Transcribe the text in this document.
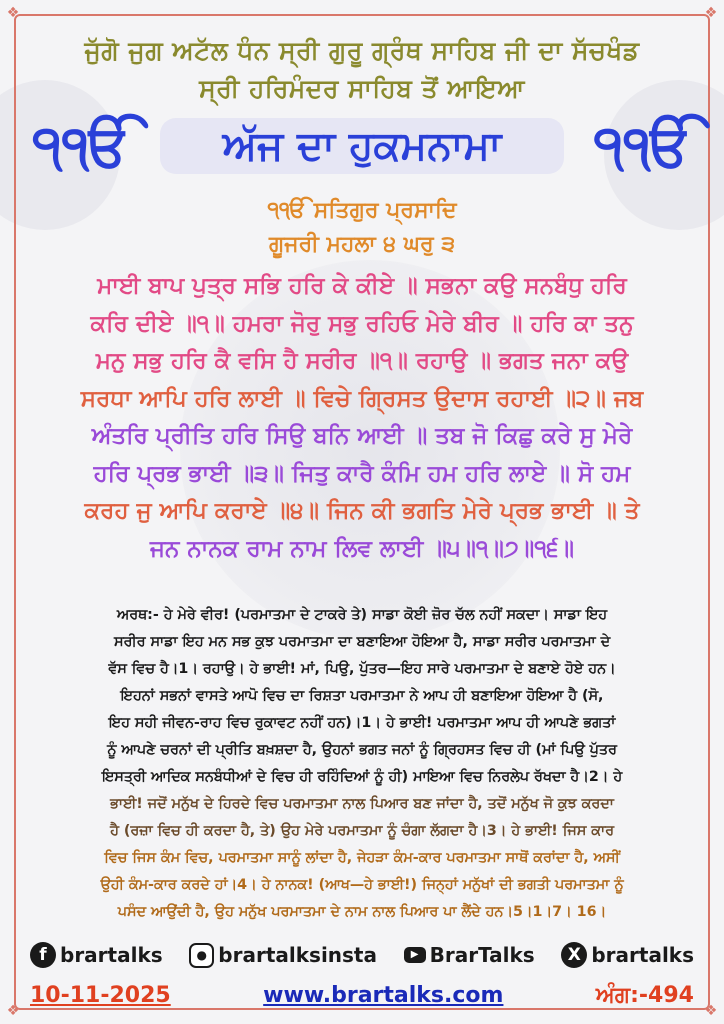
❖	❖
❖	❖
ਜੁੱਗੋ ਜੁਗ ਅਟੱਲ ਧੰਨ ਸ੍ਰੀ ਗੁਰੂ ਗ੍ਰੰਥ ਸਾਹਿਬ ਜੀ ਦਾ ਸੱਚਖੰਡ
ਸ੍ਰੀ ਹਰਿਮੰਦਰ ਸਾਹਿਬ ਤੋਂ ਆਇਆ
੧ੴ	ਅੱਜ ਦਾ ਹੁਕਮਨਾਮਾ	੧ੴ
੧ੴ ਸਤਿਗੁਰ ਪ੍ਰਸਾਦਿ
ਗੂਜਰੀ ਮਹਲਾ ੪ ਘਰੁ ੩
ਮਾਈ ਬਾਪ ਪੁਤ੍ਰ ਸਭਿ ਹਰਿ ਕੇ ਕੀਏ ॥ ਸਭਨਾ ਕਉ ਸਨਬੰਧੁ ਹਰਿ
ਕਰਿ ਦੀਏ ॥੧॥ ਹਮਰਾ ਜੋਰੁ ਸਭੁ ਰਹਿਓ ਮੇਰੇ ਬੀਰ ॥ ਹਰਿ ਕਾ ਤਨੁ
ਮਨੁ ਸਭੁ ਹਰਿ ਕੈ ਵਸਿ ਹੈ ਸਰੀਰ ॥੧॥ ਰਹਾਉ ॥ ਭਗਤ ਜਨਾ ਕਉ
ਸਰਧਾ ਆਪਿ ਹਰਿ ਲਾਈ ॥ ਵਿਚੇ ਗ੍ਰਿਸਤ ਉਦਾਸ ਰਹਾਈ ॥੨॥ ਜਬ
ਅੰਤਰਿ ਪ੍ਰੀਤਿ ਹਰਿ ਸਿਉ ਬਨਿ ਆਈ ॥ ਤਬ ਜੋ ਕਿਛੁ ਕਰੇ ਸੁ ਮੇਰੇ
ਹਰਿ ਪ੍ਰਭ ਭਾਈ ॥੩॥ ਜਿਤੁ ਕਾਰੈ ਕੰਮਿ ਹਮ ਹਰਿ ਲਾਏ ॥ ਸੋ ਹਮ
ਕਰਹ ਜੁ ਆਪਿ ਕਰਾਏ ॥੪॥ ਜਿਨ ਕੀ ਭਗਤਿ ਮੇਰੇ ਪ੍ਰਭ ਭਾਈ ॥ ਤੇ
ਜਨ ਨਾਨਕ ਰਾਮ ਨਾਮ ਲਿਵ ਲਾਈ ॥੫॥੧॥੭॥੧੬॥
ਅਰਥ:- ਹੇ ਮੇਰੇ ਵੀਰ! (ਪਰਮਾਤਮਾ ਦੇ ਟਾਕਰੇ ਤੇ) ਸਾਡਾ ਕੋਈ ਜ਼ੋਰ ਚੱਲ ਨਹੀਂ ਸਕਦਾ। ਸਾਡਾ ਇਹ
ਸਰੀਰ ਸਾਡਾ ਇਹ ਮਨ ਸਭ ਕੁਝ ਪਰਮਾਤਮਾ ਦਾ ਬਣਾਇਆ ਹੋਇਆ ਹੈ, ਸਾਡਾ ਸਰੀਰ ਪਰਮਾਤਮਾ ਦੇ
ਵੱਸ ਵਿਚ ਹੈ।1। ਰਹਾਉ। ਹੇ ਭਾਈ! ਮਾਂ, ਪਿਉ, ਪੁੱਤਰ—ਇਹ ਸਾਰੇ ਪਰਮਾਤਮਾ ਦੇ ਬਣਾਏ ਹੋਏ ਹਨ।
ਇਹਨਾਂ ਸਭਨਾਂ ਵਾਸਤੇ ਆਪੋ ਵਿਚ ਦਾ ਰਿਸ਼ਤਾ ਪਰਮਾਤਮਾ ਨੇ ਆਪ ਹੀ ਬਣਾਇਆ ਹੋਇਆ ਹੈ (ਸੋ,
ਇਹ ਸਹੀ ਜੀਵਨ-ਰਾਹ ਵਿਚ ਰੁਕਾਵਟ ਨਹੀਂ ਹਨ)।1। ਹੇ ਭਾਈ! ਪਰਮਾਤਮਾ ਆਪ ਹੀ ਆਪਣੇ ਭਗਤਾਂ
ਨੂੰ ਆਪਣੇ ਚਰਨਾਂ ਦੀ ਪ੍ਰੀਤਿ ਬਖ਼ਸ਼ਦਾ ਹੈ, ਉਹਨਾਂ ਭਗਤ ਜਨਾਂ ਨੂੰ ਗ੍ਰਿਹਸਤ ਵਿਚ ਹੀ (ਮਾਂ ਪਿਉ ਪੁੱਤਰ
ਇਸਤ੍ਰੀ ਆਦਿਕ ਸਨਬੰਧੀਆਂ ਦੇ ਵਿਚ ਹੀ ਰਹਿੰਦਿਆਂ ਨੂੰ ਹੀ) ਮਾਇਆ ਵਿਚ ਨਿਰਲੇਪ ਰੱਖਦਾ ਹੈ।2। ਹੇ
ਭਾਈ! ਜਦੋਂ ਮਨੁੱਖ ਦੇ ਹਿਰਦੇ ਵਿਚ ਪਰਮਾਤਮਾ ਨਾਲ ਪਿਆਰ ਬਣ ਜਾਂਦਾ ਹੈ, ਤਦੋਂ ਮਨੁੱਖ ਜੋ ਕੁਝ ਕਰਦਾ
ਹੈ (ਰਜ਼ਾ ਵਿਚ ਹੀ ਕਰਦਾ ਹੈ, ਤੇ) ਉਹ ਮੇਰੇ ਪਰਮਾਤਮਾ ਨੂੰ ਚੰਗਾ ਲੱਗਦਾ ਹੈ।3। ਹੇ ਭਾਈ! ਜਿਸ ਕਾਰ
ਵਿਚ ਜਿਸ ਕੰਮ ਵਿਚ, ਪਰਮਾਤਮਾ ਸਾਨੂੰ ਲਾਂਦਾ ਹੈ, ਜੇਹੜਾ ਕੰਮ-ਕਾਰ ਪਰਮਾਤਮਾ ਸਾਥੋਂ ਕਰਾਂਦਾ ਹੈ, ਅਸੀਂ
ਉਹੀ ਕੰਮ-ਕਾਰ ਕਰਦੇ ਹਾਂ।4। ਹੇ ਨਾਨਕ! (ਆਖ—ਹੇ ਭਾਈ!) ਜਿਨ੍ਹਾਂ ਮਨੁੱਖਾਂ ਦੀ ਭਗਤੀ ਪਰਮਾਤਮਾ ਨੂੰ
ਪਸੰਦ ਆਉਂਦੀ ਹੈ, ਉਹ ਮਨੁੱਖ ਪਰਮਾਤਮਾ ਦੇ ਨਾਮ ਨਾਲ ਪਿਆਰ ਪਾ ਲੈਂਦੇ ਹਨ।5।1।7। 16।
f brartalks	● brartalksinsta	▶ BrarTalks	X brartalks
10-11-2025	www.brartalks.com	ਅੰਗ:-494
